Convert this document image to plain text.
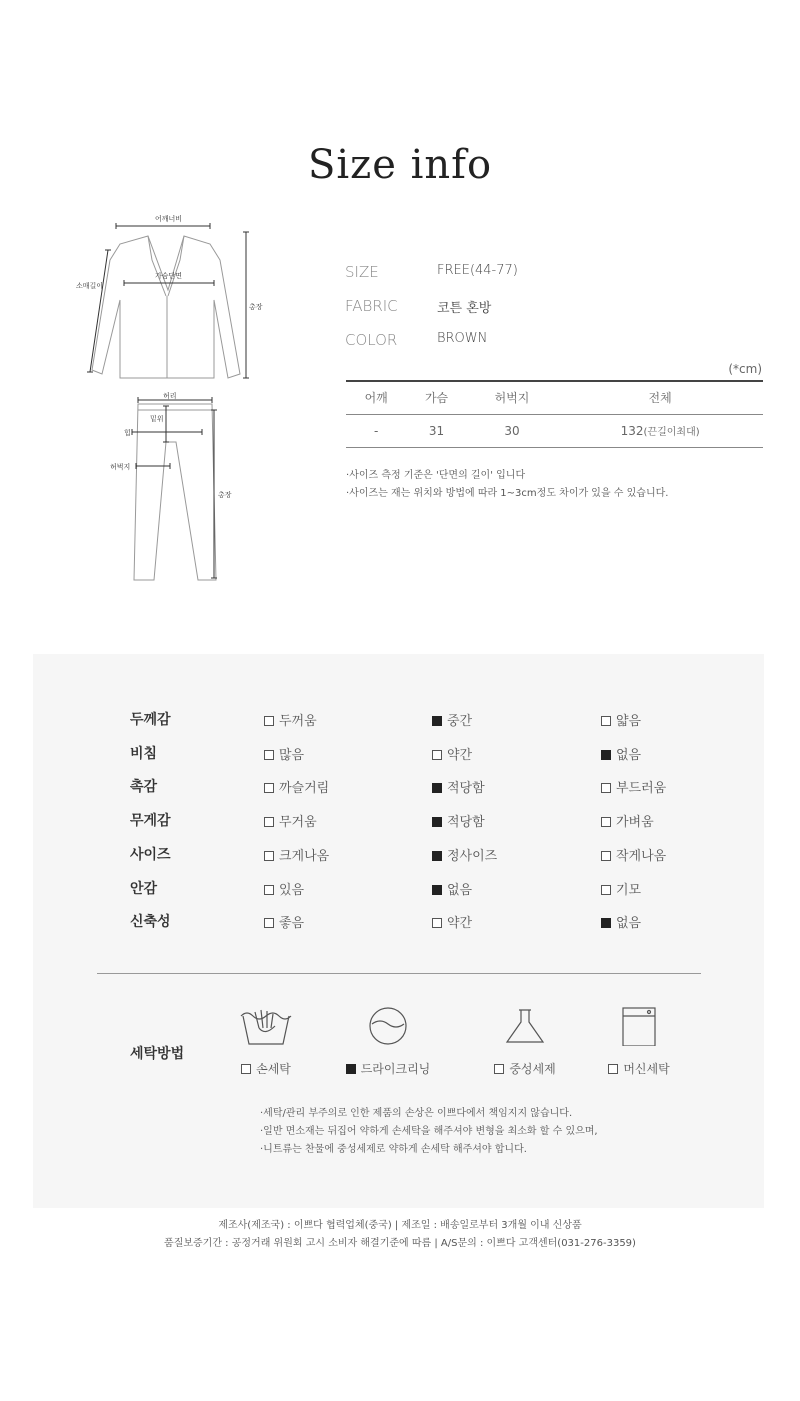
Size info
어깨너비
가슴단면
소매길이
총장
허리
밑위
힙
허벅지
총장
SIZE	FREE(44-77)
FABRIC	코튼 혼방
COLOR	BROWN
(*cm)
어깨	가슴	허벅지	전체
-	31	30	132(끈길이최대)
·사이즈 측정 기준은 '단면의 길이' 입니다
·사이즈는 재는 위치와 방법에 따라 1~3cm정도 차이가 있을 수 있습니다.
두께감	두꺼움	중간	얇음
비침	많음	약간	없음
촉감	까슬거림	적당함	부드러움
무게감	무거움	적당함	가벼움
사이즈	크게나옴	정사이즈	작게나옴
안감	있음	없음	기모
신축성	좋음	약간	없음
세탁방법
손세탁	드라이크리닝	중성세제	머신세탁
·세탁/관리 부주의로 인한 제품의 손상은 이쁘다에서 책임지지 않습니다.
·일반 면소재는 뒤집어 약하게 손세탁을 해주셔야 변형을 최소화 할 수 있으며,
·니트류는 찬물에 중성세제로 약하게 손세탁 해주셔야 합니다.
제조사(제조국) : 이쁘다 협력업체(중국) | 제조일 : 배송일로부터 3개월 이내 신상품
품질보증기간 : 공정거래 위원회 고시 소비자 해결기준에 따름 | A/S문의 : 이쁘다 고객센터(031-276-3359)
